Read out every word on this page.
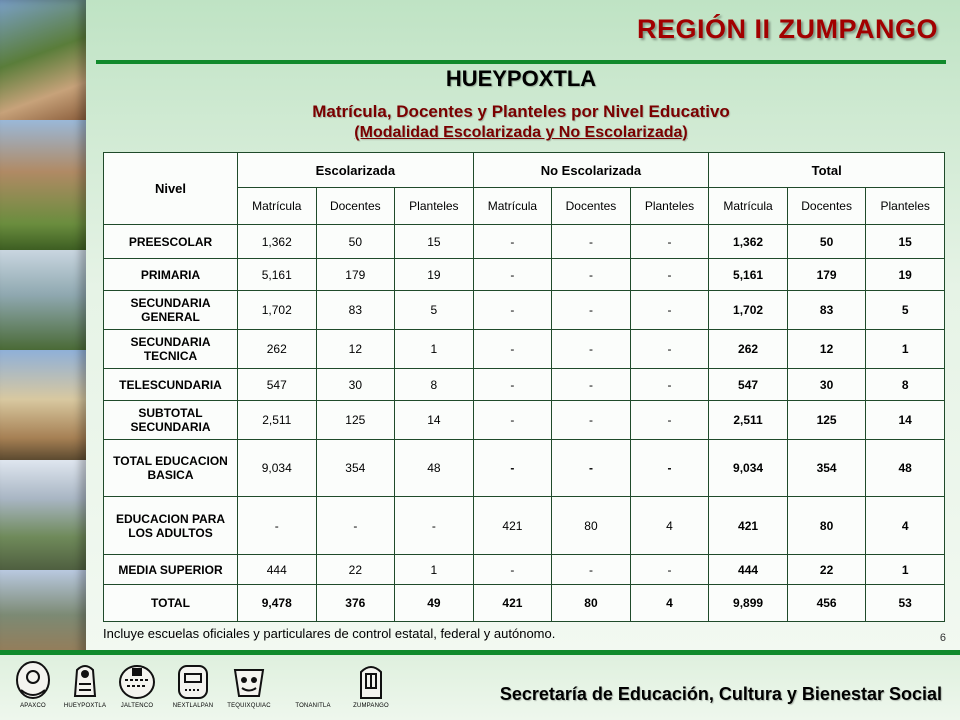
REGIÓN II ZUMPANGO
HUEYPOXTLA

Matrícula, Docentes y Planteles por Nivel Educativo

(Modalidad Escolarizada y No Escolarizada)

Nivel	Escolarizada			No Escolarizada			Total		
	Matrícula	Docentes	Planteles	Matrícula	Docentes	Planteles	Matrícula	Docentes	Planteles
PREESCOLAR	1,362	50	15	-	-	-	1,362	50	15
PRIMARIA	5,161	179	19	-	-	-	5,161	179	19
SECUNDARIA GENERAL	1,702	83	5	-	-	-	1,702	83	5
SECUNDARIA TECNICA	262	12	1	-	-	-	262	12	1
TELESCUNDARIA	547	30	8	-	-	-	547	30	8
SUBTOTAL SECUNDARIA	2,511	125	14	-	-	-	2,511	125	14
TOTAL EDUCACION BASICA	9,034	354	48	-	-	-	9,034	354	48
EDUCACION PARA LOS ADULTOS	-	-	-	421	80	4	421	80	4
MEDIA SUPERIOR	444	22	1	-	-	-	444	22	1
TOTAL	9,478	376	49	421	80	4	9,899	456	53

Incluye escuelas oficiales y particulares de control estatal, federal y autónomo.	6

APAXCO	HUEYPOXTLA	JALTENCO	NEXTLALPAN	TEQUIXQUIAC	TONANITLA	ZUMPANGO

Secretaría de Educación, Cultura y Bienestar Social
